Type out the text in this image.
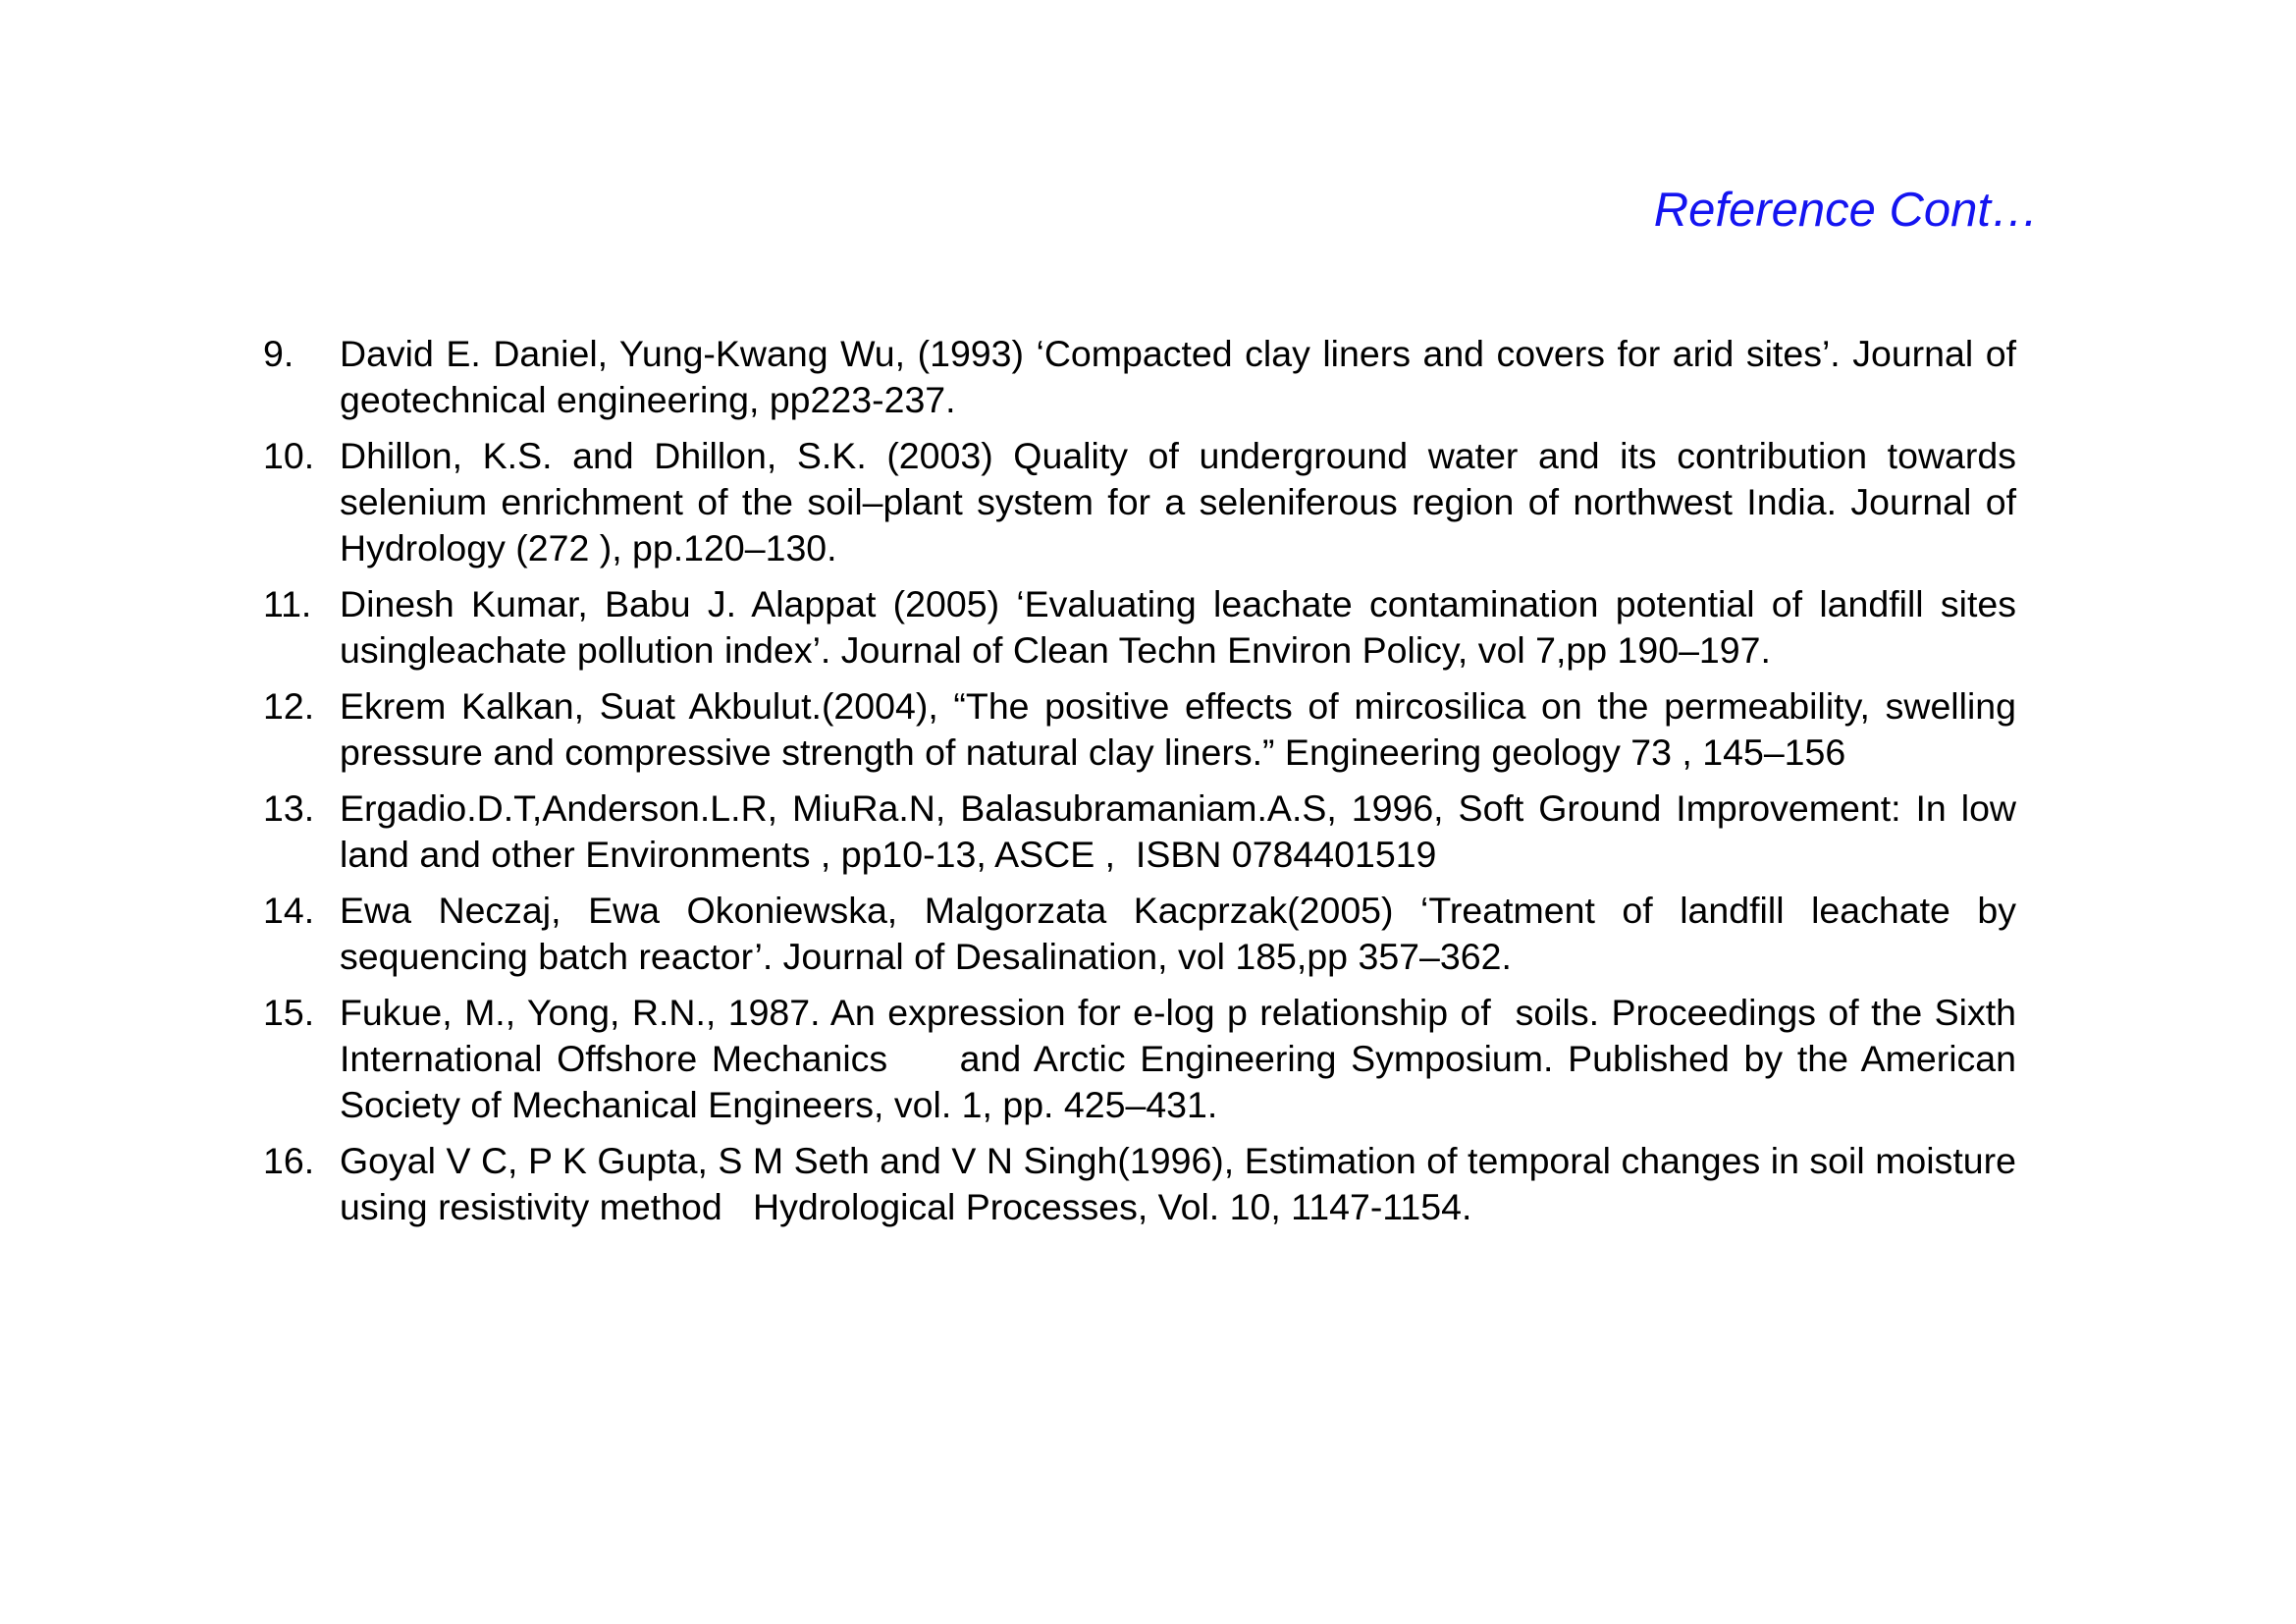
Reference Cont…
9.	David E. Daniel, Yung-Kwang Wu, (1993) ‘Compacted clay liners and covers for arid sites’. Journal of geotechnical engineering, pp223-237.
10. Dhillon, K.S. and Dhillon, S.K. (2003) Quality of underground water and its contribution towards selenium enrichment of the soil–plant system for a seleniferous region of northwest India. Journal of Hydrology (272 ), pp.120–130.
11. Dinesh Kumar, Babu J. Alappat (2005) ‘Evaluating leachate contamination potential of landfill sites usingleachate pollution index’. Journal of Clean Techn Environ Policy, vol 7,pp 190–197.
12. Ekrem Kalkan, Suat Akbulut.(2004), “The positive effects of mircosilica on the permeability, swelling pressure and compressive strength of natural clay liners.” Engineering geology 73 , 145–156
13. Ergadio.D.T,Anderson.L.R, MiuRa.N, Balasubramaniam.A.S, 1996, Soft Ground Improvement: In low land and other Environments , pp10-13, ASCE ,  ISBN 0784401519
14. Ewa Neczaj, Ewa Okoniewska, Malgorzata Kacprzak(2005) ‘Treatment of landfill leachate by sequencing batch reactor’. Journal of Desalination, vol 185,pp 357–362.
15. Fukue, M., Yong, R.N., 1987. An expression for e-log p relationship of  soils. Proceedings of the Sixth International Offshore Mechanics     and Arctic Engineering Symposium. Published by the American              Society of Mechanical Engineers, vol. 1, pp. 425–431.
16. Goyal V C, P K Gupta, S M Seth and V N Singh(1996), Estimation of temporal changes in soil moisture using resistivity method   Hydrological Processes, Vol. 10, 1147-1154.
